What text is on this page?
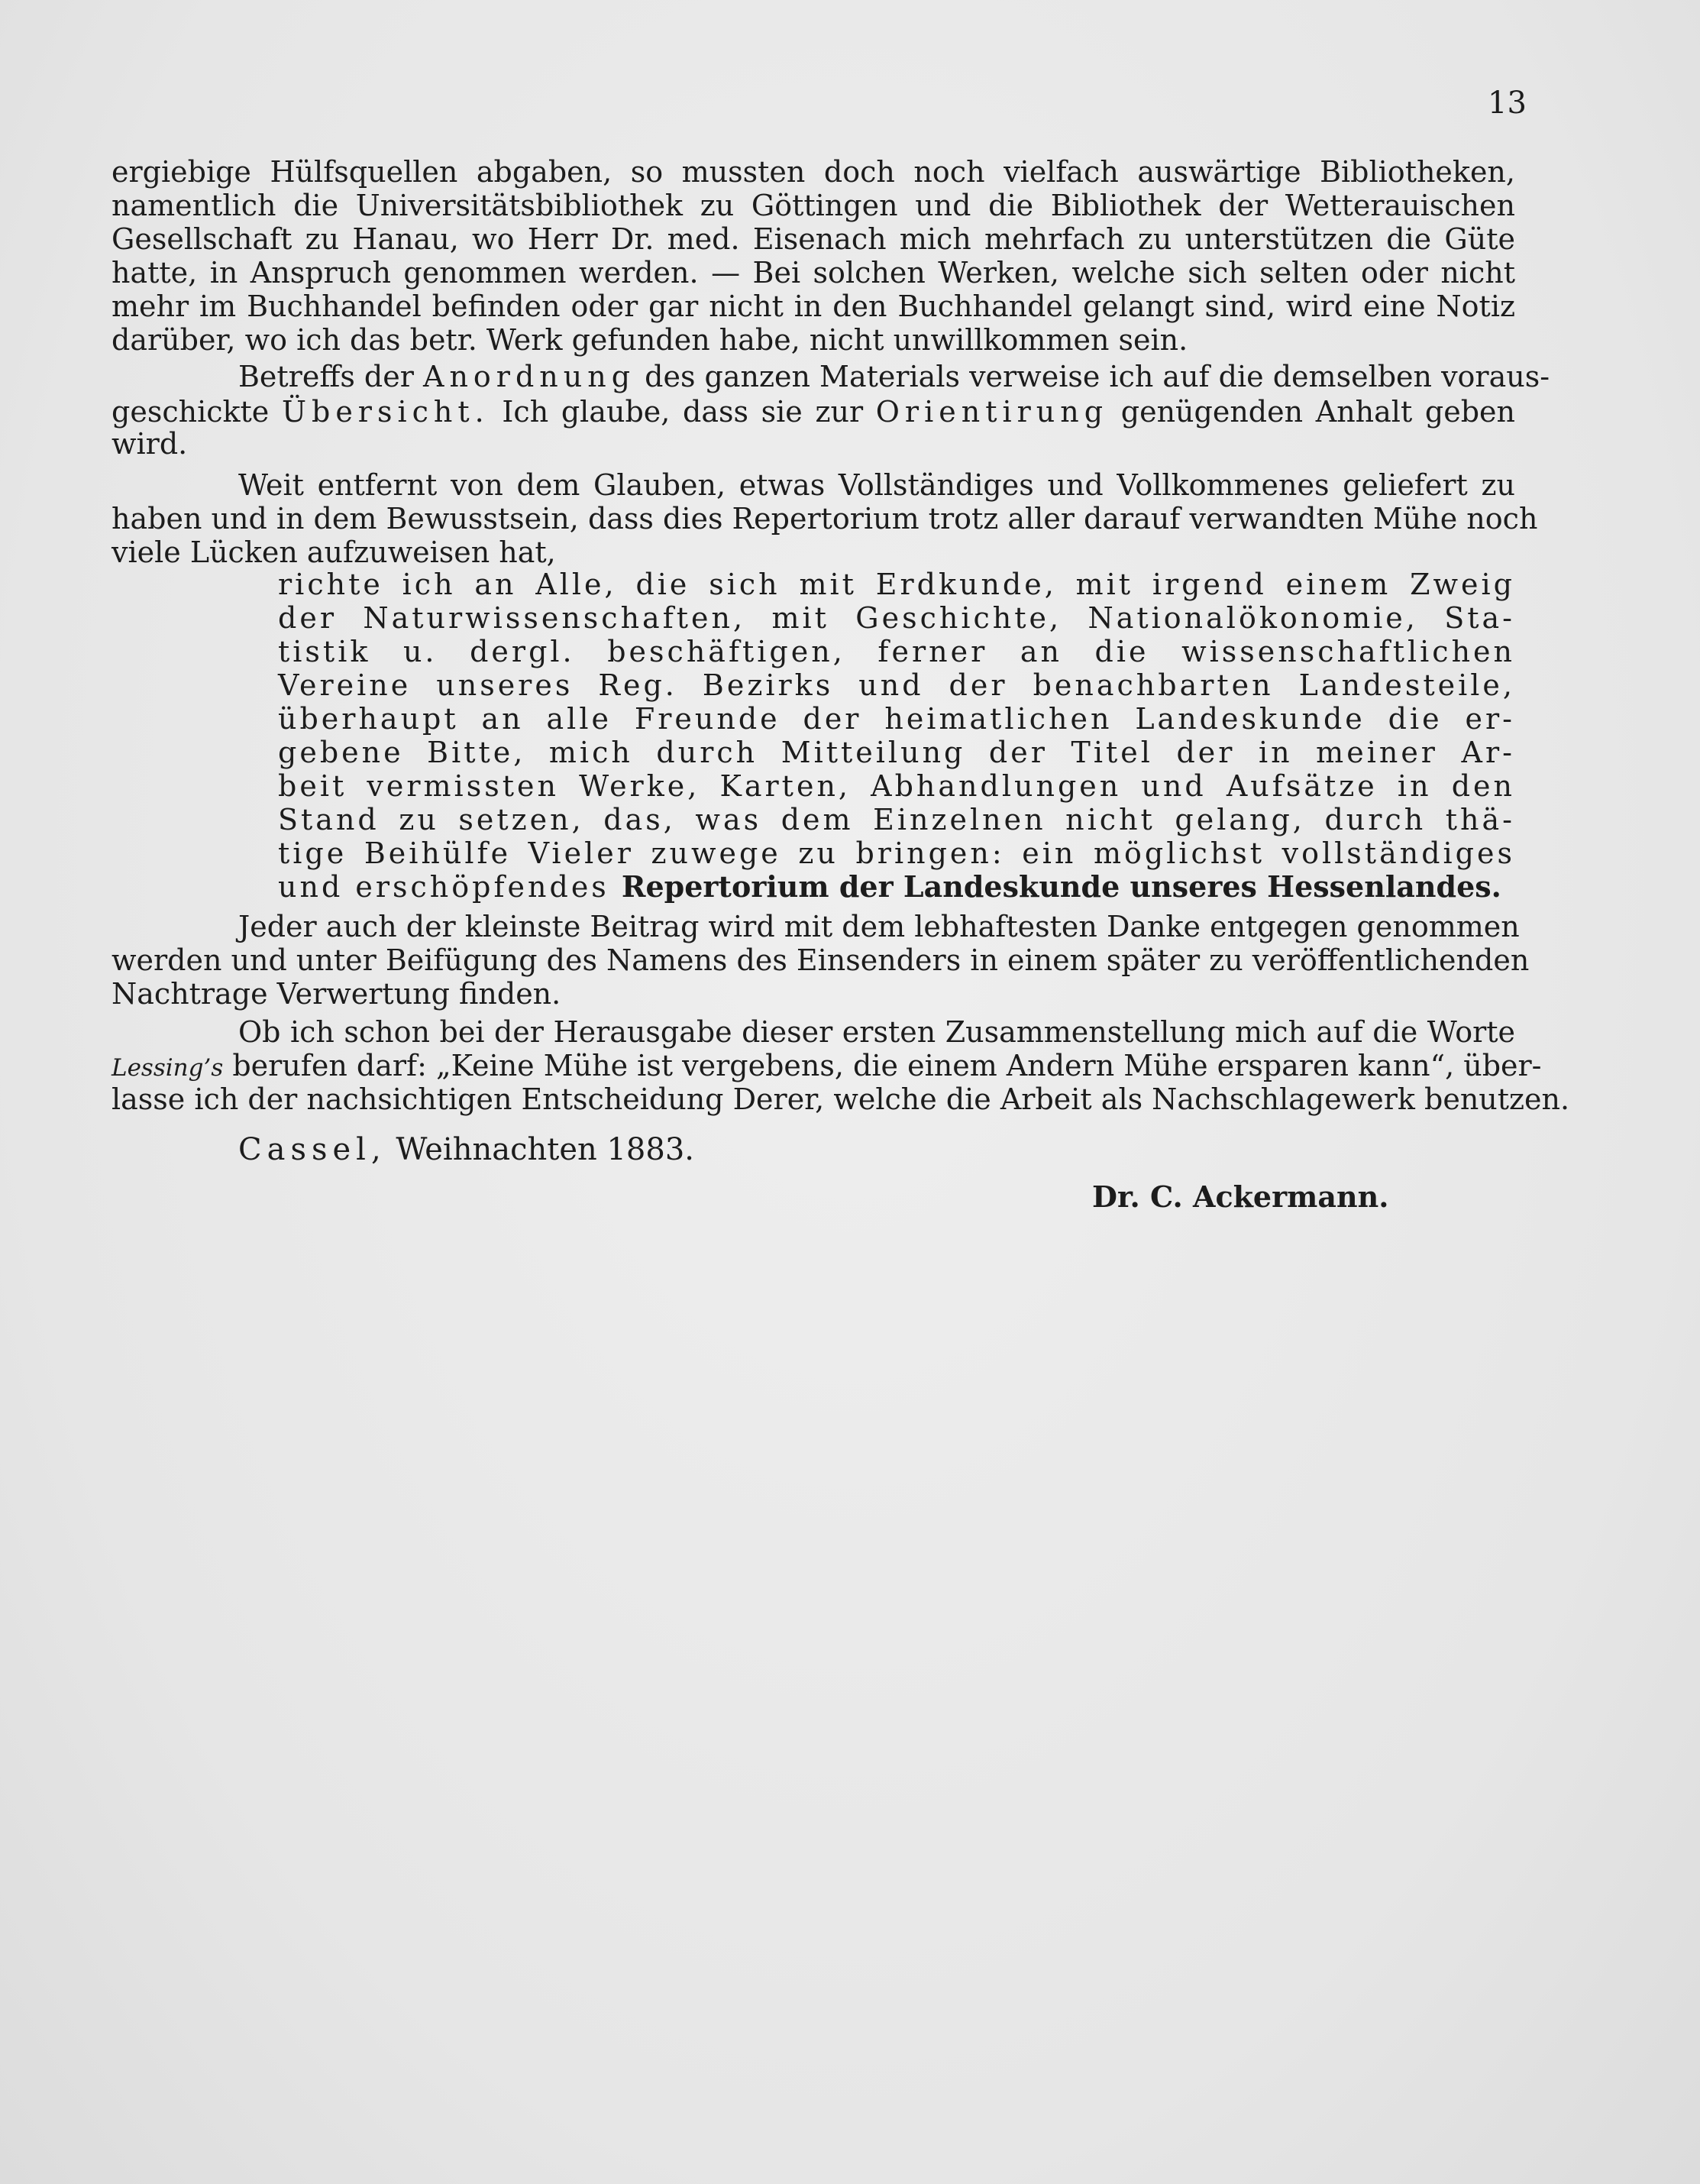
13
ergiebige Hülfsquellen abgaben, so mussten doch noch vielfach auswärtige Bibliotheken,
namentlich die Universitätsbibliothek zu Göttingen und die Bibliothek der Wetterauischen
Gesellschaft zu Hanau, wo Herr Dr. med. Eisenach mich mehrfach zu unterstützen die Güte
hatte, in Anspruch genommen werden. — Bei solchen Werken, welche sich selten oder nicht
mehr im Buchhandel befinden oder gar nicht in den Buchhandel gelangt sind, wird eine Notiz
darüber, wo ich das betr. Werk gefunden habe, nicht unwillkommen sein.
Betreffs der Anordnung des ganzen Materials verweise ich auf die demselben voraus-
geschickte Übersicht. Ich glaube, dass sie zur Orientirung genügenden Anhalt geben
wird.
Weit entfernt von dem Glauben, etwas Vollständiges und Vollkommenes geliefert zu
haben und in dem Bewusstsein, dass dies Repertorium trotz aller darauf verwandten Mühe noch
viele Lücken aufzuweisen hat,
richte ich an Alle, die sich mit Erdkunde, mit irgend einem Zweig
der Naturwissenschaften, mit Geschichte, Nationalökonomie, Sta-
tistik u. dergl. beschäftigen, ferner an die wissenschaftlichen
Vereine unseres Reg. Bezirks und der benachbarten Landesteile,
überhaupt an alle Freunde der heimatlichen Landeskunde die er-
gebene Bitte, mich durch Mitteilung der Titel der in meiner Ar-
beit vermissten Werke, Karten, Abhandlungen und Aufsätze in den
Stand zu setzen, das, was dem Einzelnen nicht gelang, durch thä-
tige Beihülfe Vieler zuwege zu bringen: ein möglichst vollständiges
und erschöpfendes Repertorium der Landeskunde unseres Hessenlandes.
Jeder auch der kleinste Beitrag wird mit dem lebhaftesten Danke entgegen genommen
werden und unter Beifügung des Namens des Einsenders in einem später zu veröffentlichenden
Nachtrage Verwertung finden.
Ob ich schon bei der Herausgabe dieser ersten Zusammenstellung mich auf die Worte
Lessing’s berufen darf: „Keine Mühe ist vergebens, die einem Andern Mühe ersparen kann“, über-
lasse ich der nachsichtigen Entscheidung Derer, welche die Arbeit als Nachschlagewerk benutzen.
Cassel, Weihnachten 1883.
Dr. C. Ackermann.
